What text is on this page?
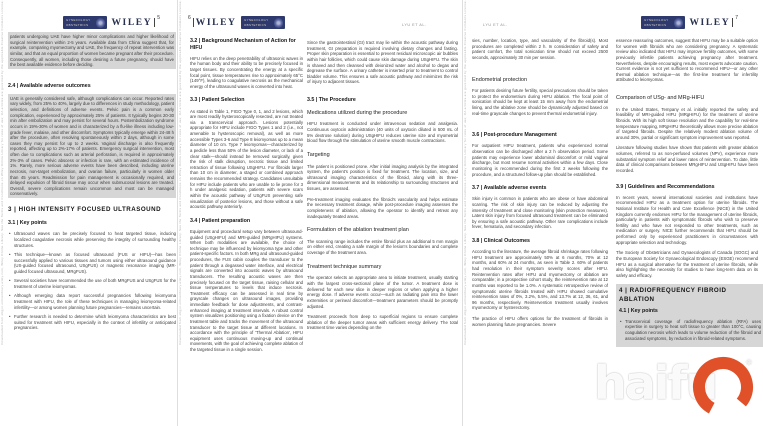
Downloaded from obgyn.onlinelibrary.wiley.com, Wiley Online Library. See the Terms and Conditions on Wiley Online Library for rules of use; OA articles are governed by the applicable Creative Commons License.	GYNECOLOGY
OBSTETRICS	WILEY $^5$

patients undergoing UAE have higher minor complications and higher likelihood of surgical reintervention within 2-5 years. Available data from China suggest that, for example, comparing myomectomy and UAE, the frequency of repeat intervention was similar, and that an equal proportion of women became pregnant after their procedure. Consequently, all women, including those desiring a future pregnancy, should have the best available evidence before deciding.

2.4 | Available adverse outcomes

UAE is generally considered safe, although complications can occur. Reported rates vary widely, from 25% to 40%, largely due to differences in study methodology, patient selection, and definitions of adverse events. Pelvic pain is a common early complication, experienced by approximately 25% of patients. It typically begins 20-30 min after embolization and may persist for several hours. Postembolization syndrome occurs in 19%-30% of women and is characterized by a flu-like illness including low-grade fever, malaise, and other discomfort. Symptoms typically emerge within 24-48 h after the procedure, often resolving spontaneously within 2 days, although in some cases they may persist for up to 2 weeks. Vaginal discharge is also frequently reported, affecting up to 2%-17% of patients. Emergency surgical intervention, most often due to complications such as arterial perforation, is required in approximately 2%-3% of cases. Pelvic abscess or infection is rare, with an estimated incidence of 1%. Rarely, more serious adverse events have been described, including uterine necrosis, non-target embolization, and ovarian failure, particularly in women older than 45 years. Readmission for pain management is occasionally required, and delayed expulsion of fibroid tissue may occur when submucosal lesions are treated. Overall, severe complications remain uncommon and most can be managed conservatively.

3 | HIGH INTENSITY FOCUSED ULTRASOUND
3.1 | Key points
• Ultrasound waves can be precisely focused to heat targeted tissue, inducing localized coagulative necrosis while preserving the integrity of surrounding healthy structures.
• This technique—known as focused ultrasound (FUS or HIFU)—has been successfully applied to various tissues and tumors using either ultrasound guidance (US-guided focused ultrasound, USgFUS) or magnetic resonance imaging (MR-guided focused ultrasound, MRgFUS).
• Several societies have recommended the use of both MRgFUS and USgFUS for the treatment of uterine leiomyomas.
• Although emerging data report successful pregnancies following leiomyoma treatment with HIFU, the role of these techniques in managing leiomyoma-related infertility—or among women planning future pregnancies—remains uncertain.
• Further research is needed to determine which leiomyoma characteristics are best suited for treatment with HIFU, especially in the context of infertility or anticipated pregnancies.	Downloaded from obgyn.onlinelibrary.wiley.com, Wiley Online Library. See the Terms and Conditions on Wiley Online Library for rules of use; OA articles are governed by the applicable Creative Commons License. $^6$ WILEY	GYNECOLOGY
OBSTETRICS	LYU ET AL.
3.2 | Background Mechanism of Action for HIFU

HIFU relies on the deep penetrability of ultrasonic waves in the human body and their ability to be precisely focused in target tissues. By concentrating the energy at a specific focal point, tissue temperatures rise to approximately 65°C (149°F), leading to coagulative necrosis as the mechanical energy of the ultrasound waves is converted into heat.

3.3 | Patient Selection

As stated in Table 1, FIGO Type 0, 1, and 2 lesions, which are most readily hysteroscopically resected, are not treated via a transcervical approach. Lesions potentially appropriate for HIFU include FIGO Types 1 and 2 (i.e., not amenable to hysteroscopic removal), as well as more accessible Types 3-6 and Type 8 leiomyomas up to a mean diameter of 10 cm. Type 7 leiomyomas—characterized by a pedicle less than 50% of the lesion diameter, or lack of a clear stalk—should instead be removed surgically, given the risk of stalk disruption, necrotic tissue and limited retraction of tissue following USgHIFU. For fibroids larger than 10 cm in diameter, a staged or combined approach remains the recommended strategy. Candidates unsuitable for HIFU include patients who are unable to lie prone for 3 h under analgesic sedation, patients with severe scars within the acoustic pathway of USgFUS preventing safe visualization of posterior lesions, and those without a safe acoustic pathway anteriorly.

3.4 | Patient preparation

Equipment and procedural setup vary between ultrasound-guided (USgHIFU) and MRI-guided (MRgHIFU) systems. When both modalities are available, the choice of technique may be influenced by leiomyoma type and other patient-specific factors. In both MRg and ultrasound-guided procedures, the FUS cabin couples the transducer to the patient through a degassed water interface, and electrical signals are converted into acoustic waves by ultrasound transducers. The resulting acoustic waves are then precisely focused on the target tissue, raising cellular and tissue temperatures to levels that induce necrosis. Treatment efficacy can be assessed in real time by grayscale changes on ultrasound images, providing immediate feedback for dose adjustments, and contrast-enhanced imaging at treatment intervals. A robust control system visualizes positioning using a fixation device on the treatment table and tracks the movement of the ultrasound transducer to the target tissue at different locations. In accordance with the principle of 'Thermal Ablation', HIFU equipment uses continuous moving-up and continual movements, with the goal of achieving complete ablation of the targeted tissue in a single session.

Since the gastrointestinal (GI) tract may lie within the acoustic pathway during treatment, GI preparation is required involving dietary changes and fasting. Proper skin preparation is essential to prevent residual microscopic air bubbles within hair follicles, which could cause skin damage during USgHIFU. The skin is shaved and then cleansed with deionized water and alcohol to degas and degrease the surface. A urinary catheter is inserted prior to treatment to control bladder volume. This ensures a safe acoustic pathway and minimizes the risk of injury to adjacent tissues.

3.5 | The Procedure
Medications utilized during the procedure

HIFU treatment is conducted under intravenous sedation and analgesia. Continuous oxytocin administration (40 units of oxytocin diluted in 500 mL of 5% dextrose solution) during USgHIFU reduces uterine size and myometrial blood flow through the stimulation of uterine smooth muscle contractions.

Targeting

The patient is positioned prone. After initial imaging analysis by the integrated system, the patient's position is fixed for treatment. The location, size, and ultrasound imaging characteristics of the fibroid, along with its three-dimensional measurements and its relationship to surrounding structures and tissues, are assessed.

Pre-treatment imaging evaluates the fibroid's vascularity and helps estimate the necessary treatment dosage, while post-procedure imaging assesses the completeness of ablation, allowing the operator to identify and retreat any inadequately treated areas.

Formulation of the ablation treatment plan

The scanning range includes the entire fibroid plus an additional 5 mm margin on either end, creating a safe margin of the lesion's boundaries and complete coverage of the treatment area.

Treatment technique summary

The operator selects an appropriate area to initiate treatment, usually starting with the largest cross-sectional plane of the tumor. A treatment dose is delivered for each new slice in deeper regions or when applying a higher energy dose. If adverse events occur—such as radiating pain into the lower extremities or perineal discomfort—treatment parameters should be promptly adjusted.

Treatment proceeds from deep to superficial regions to ensure complete ablation of the deeper tumor areas with sufficient energy delivery. The total treatment time varies depending on the	Downloaded from obgyn.onlinelibrary.wiley.com, Wiley Online Library. See the Terms and Conditions on Wiley Online Library for rules of use; OA articles are governed by the applicable Creative Commons License.	LYU ET AL.
GYNECOLOGY
OBSTETRICS	WILEY $^7$

sies, number, location, type, and vascularity of the fibroid(s). Most procedures are completed within 2 h. In consideration of safety and patient comfort, the total sonication time should not exceed 2500 seconds, approximately 30 min per session.

Endometrial protection

For patients desiring future fertility, special precautions should be taken to protect the endometrium during HIFU ablation. The focal point of sonication should be kept at least 15 mm away from the endometrial lining, and the ablative zone should be dynamically adjusted based on real-time grayscale changes to prevent thermal endometrial injury.

3.6 | Post-procedure Management

For outpatient HIFU treatment, patients who experienced normal observation can be discharged after a 2 h observation period. Some patients may experience lower abdominal discomfort or mild vaginal discharge, but most resume normal activities within a few days. Close monitoring is recommended during the first 2 weeks following the procedure, and a structured follow-up plan should be established.

3.7 | Available adverse events

Skin injury is common in patients who are obese or have abdominal scarring. The risk of skin injury can be reduced by adjusting the intensity of treatment and close monitoring (skin protection measures). Latent skin injury from focused ultrasound treatment can be eliminated by ensuring a safe acoustic pathway. Other rare complications include fever, hematuria, and secondary infection.

3.8 | Clinical Outcomes

According to the literature, the average fibroid shrinkage rates following HIFU treatment are approximately 50% at 6 months, 70% at 12 months, and 60% at 24 months, as seen in Table 2. 60% of patients had resolution in their symptom severity scores after HIFU. Reintervention rates after HIFU and myomectomy or ablation are comparable; in a prospective cohort study, the reintervention rate at 12 months was reported to be 1.0%. A systematic retrospective review of symptomatic uterine fibroids treated with HIFU showed cumulative reintervention rates of 0%, 3.2%, 5.5%, and 13.7% at 12, 36, 61, and 96 months, respectively. Reintervention treatment usually involves myomectomy or hysterectomy.

The practice of HIFU offers options for the treatment of fibroids in women planning future pregnancies. Severe

essence reassuring outcomes, suggest that HIFU may be a suitable option for women with fibroids who are considering pregnancy. A systematic review also indicated that HIFU may improve fertility outcomes, with some previously infertile patients achieving pregnancy after treatment. Nevertheless, despite encouraging results, most experts advocate caution. Current evidence is not yet sufficient to recommend HIFU—or any other thermal ablation technique—as the first-line treatment for infertility attributed to leiomyomas.

Comparison of USg- and MRg-HIFU

In the United States, Tempany et al. initially reported the safety and feasibility of MRI-guided HIFU (MRgHIFU) for the treatment of uterine fibroids. With its high soft tissue resolution and the capability for real-time temperature mapping, MRgHIFU theoretically allows more precise ablation of targeted fibroids. Despite the relatively modest ablation volume of around 30%, partial or significant symptom improvement was reported.

Literature following studies have shown that patients with greater ablation volumes, referred to as non-perfused volumes (NPV), experience more substantial symptom relief and lower rates of reintervention. To date, little data of clinical comparisons between MRgHIFU and USgHIFU have been recorded.

3.9 | Guidelines and Recommendations

In recent years, several international societies and institutions have recommended HIFU as a treatment option for uterine fibroids. The National Institute for Health and Care Excellence (NICE) in the United Kingdom currently endorses HIFU for the management of uterine fibroids, particularly in patients with symptomatic fibroids who wish to preserve fertility and who have not responded to other treatments, such as medication or surgery. NICE further recommends that HIFU should be performed only by experienced practitioners in circumstances with appropriate selection and technology.

The Society of Obstetricians and Gynaecologists of Canada (SOGC) and the European Society for Gynaecological Endoscopy (ESGE) recommend HIFU as a surgical alternative for the treatment of uterine fibroids, while also highlighting the necessity for studies to have long-term data on its safety and efficacy.

4 | RADIOFREQUENCY FIBROID ABLATION
4.1 | Key points
• Transcervical coverage of radiofrequency ablation (RFA) uses expertise in surgery to heat soft tissue to greater than 100°C, causing coagulation necrosis which leads to volume reduction of the fibroid and associated symptoms, by reduction in fibroid-related symptoms.
haifu	®
